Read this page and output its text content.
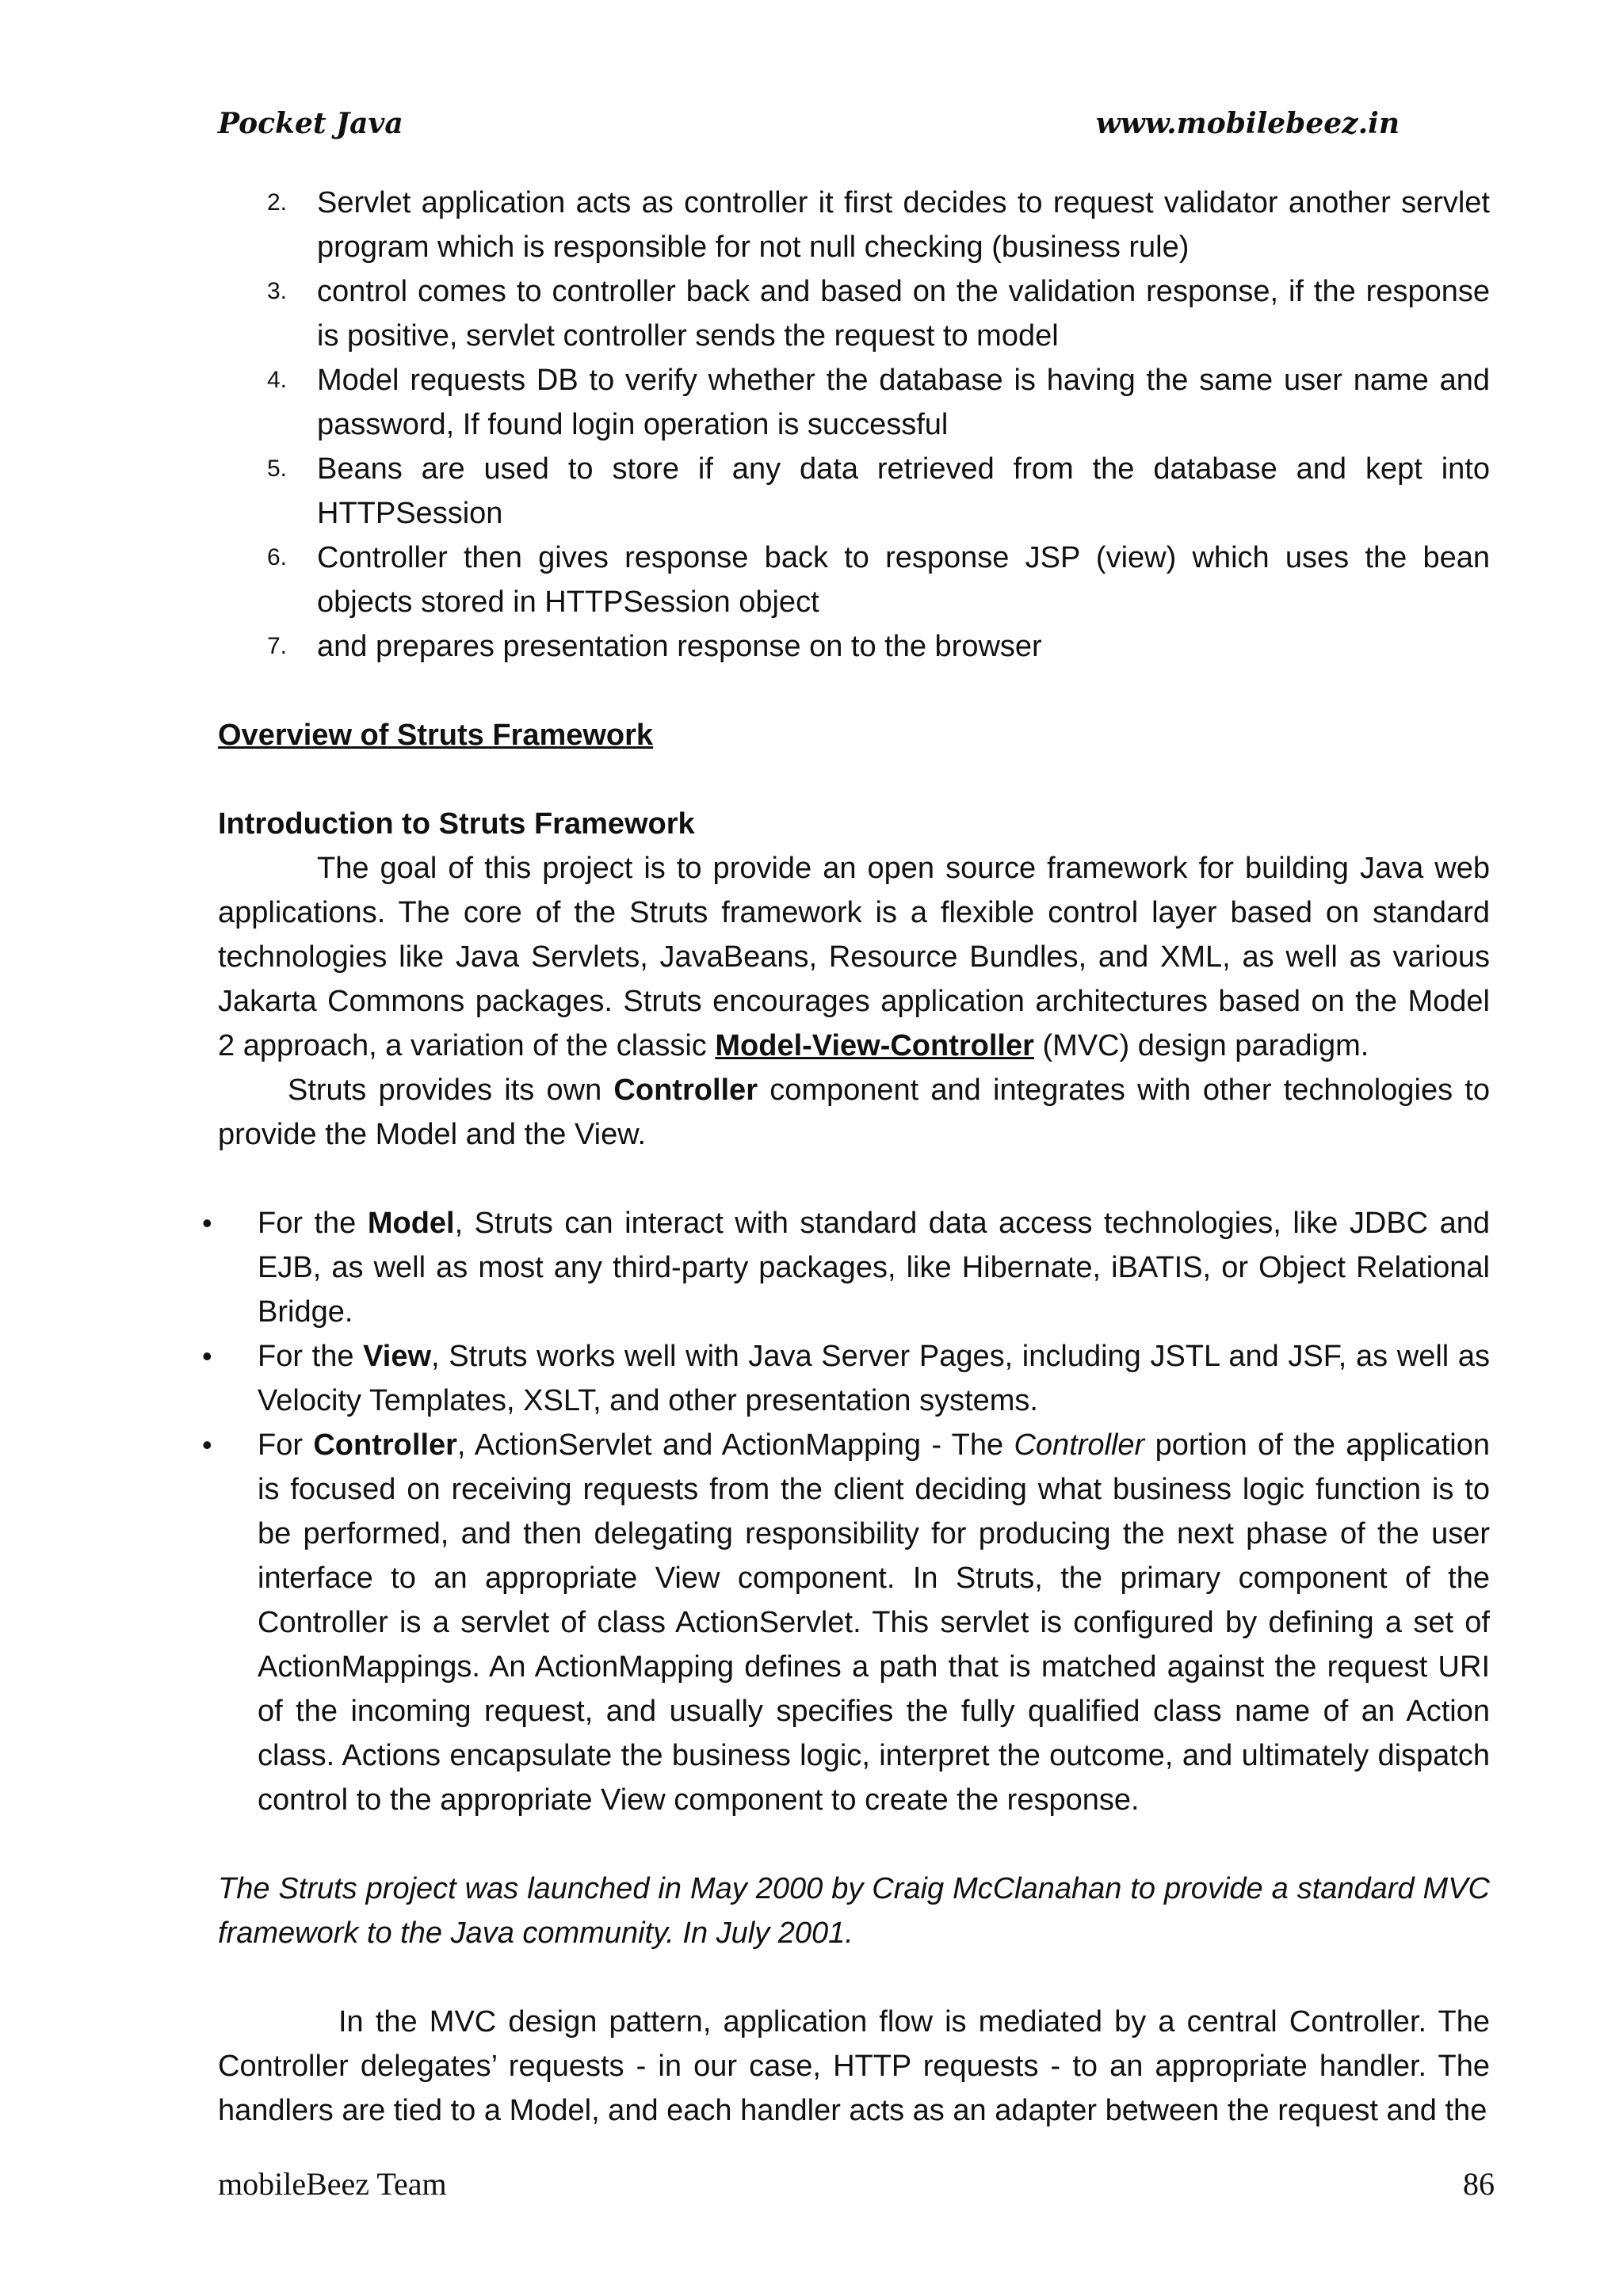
Pocket Java	www.mobilebeez.in
2. Servlet application acts as controller it first decides to request validator another servlet program which is responsible for not null checking (business rule)
3. control comes to controller back and based on the validation response, if the response is positive, servlet controller sends the request to model
4. Model requests DB to verify whether the database is having the same user name and password, If found login operation is successful
5. Beans are used to store if any data retrieved from the database and kept into HTTPSession
6. Controller then gives response back to response JSP (view) which uses the bean objects stored in HTTPSession object
7. and prepares presentation response on to the browser
Overview of Struts Framework
Introduction to Struts Framework

The goal of this project is to provide an open source framework for building Java web applications. The core of the Struts framework is a flexible control layer based on standard technologies like Java Servlets, JavaBeans, Resource Bundles, and XML, as well as various Jakarta Commons packages. Struts encourages application architectures based on the Model 2 approach, a variation of the classic Model-View-Controller (MVC) design paradigm.

Struts provides its own Controller component and integrates with other technologies to provide the Model and the View.

• For the Model, Struts can interact with standard data access technologies, like JDBC and EJB, as well as most any third-party packages, like Hibernate, iBATIS, or Object Relational Bridge.
• For the View, Struts works well with Java Server Pages, including JSTL and JSF, as well as Velocity Templates, XSLT, and other presentation systems.
• For Controller, ActionServlet and ActionMapping - The Controller portion of the application is focused on receiving requests from the client deciding what business logic function is to be performed, and then delegating responsibility for producing the next phase of the user interface to an appropriate View component. In Struts, the primary component of the Controller is a servlet of class ActionServlet. This servlet is configured by defining a set of ActionMappings. An ActionMapping defines a path that is matched against the request URI of the incoming request, and usually specifies the fully qualified class name of an Action class. Actions encapsulate the business logic, interpret the outcome, and ultimately dispatch control to the appropriate View component to create the response.

The Struts project was launched in May 2000 by Craig McClanahan to provide a standard MVC framework to the Java community. In July 2001.

In the MVC design pattern, application flow is mediated by a central Controller. The Controller delegates’ requests - in our case, HTTP requests - to an appropriate handler. The handlers are tied to a Model, and each handler acts as an adapter between the request and the

mobileBeez Team	86
